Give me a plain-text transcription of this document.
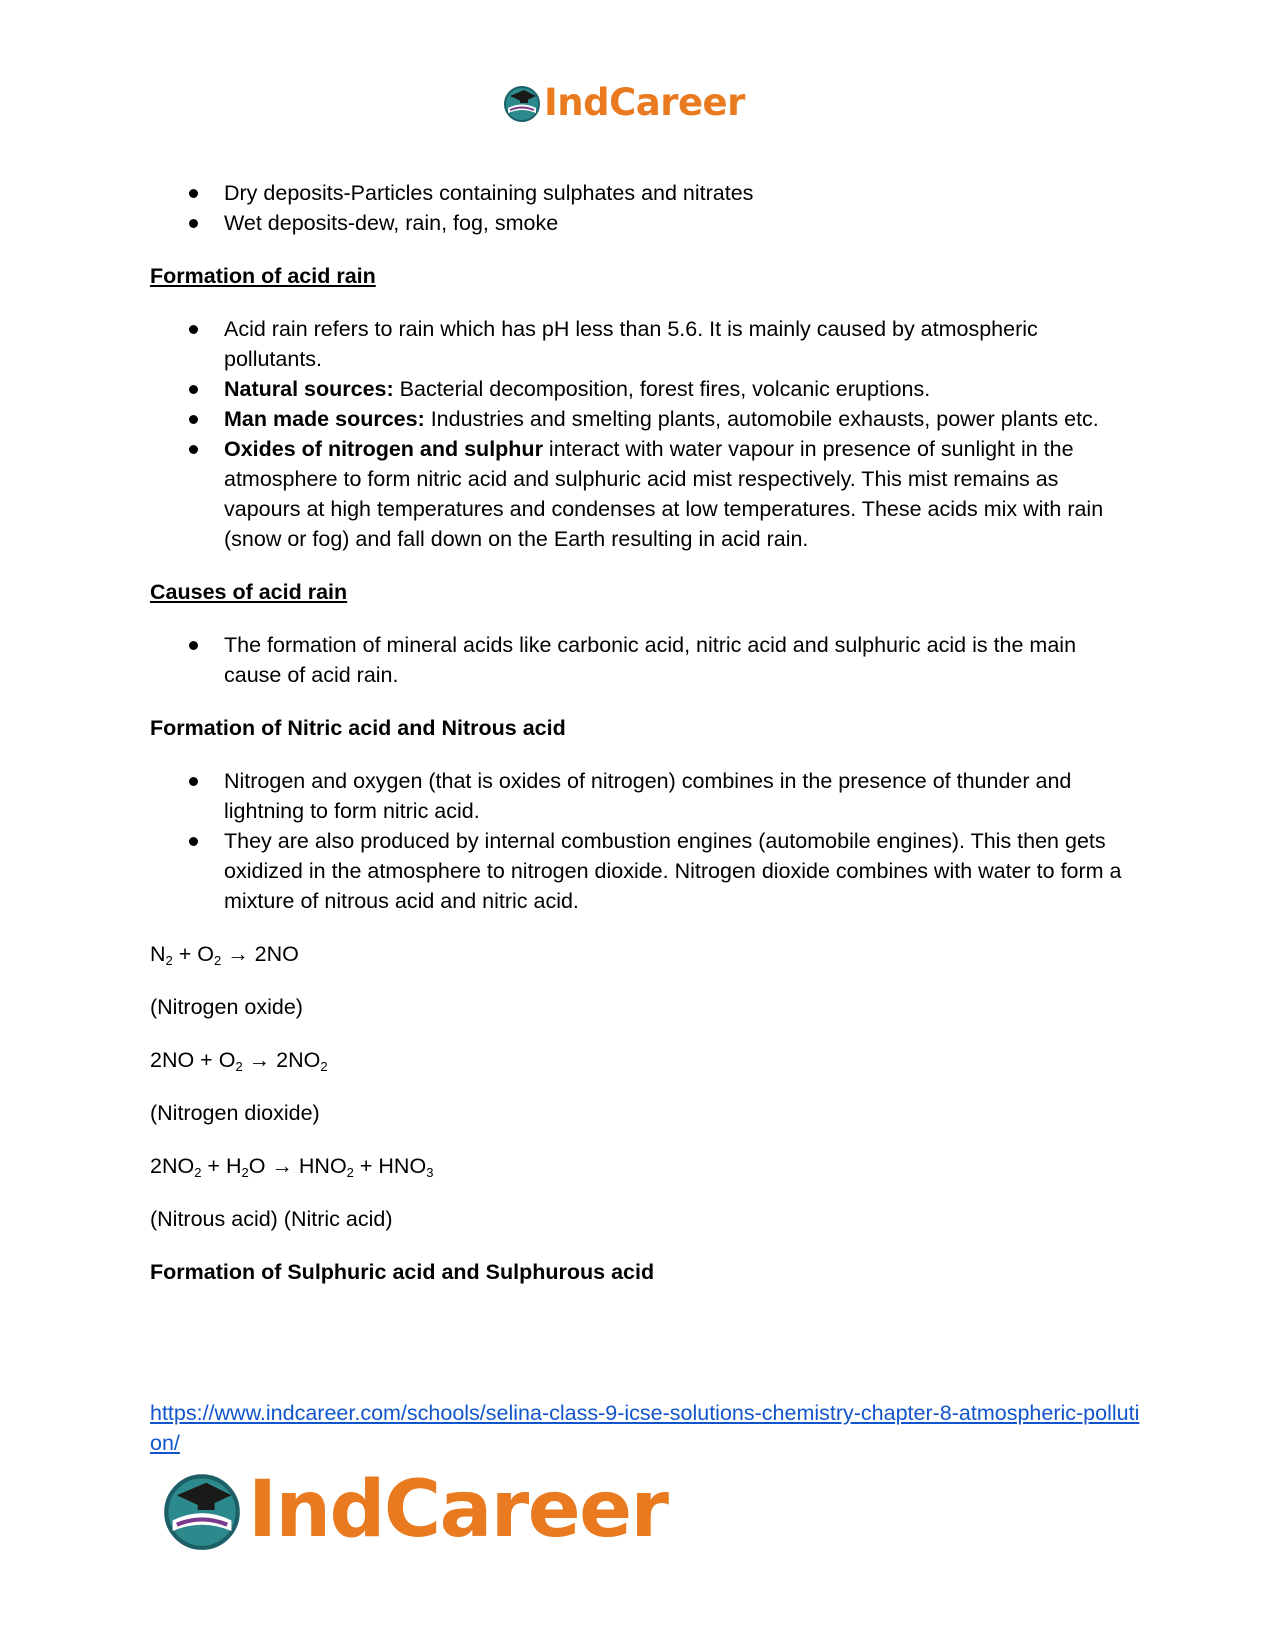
IndCareer
Dry deposits-Particles containing sulphates and nitrates
Wet deposits-dew, rain, fog, smoke
Formation of acid rain
Acid rain refers to rain which has pH less than 5.6. It is mainly caused by atmospheric pollutants.
Natural sources: Bacterial decomposition, forest fires, volcanic eruptions.
Man made sources: Industries and smelting plants, automobile exhausts, power plants etc.
Oxides of nitrogen and sulphur interact with water vapour in presence of sunlight in the atmosphere to form nitric acid and sulphuric acid mist respectively. This mist remains as vapours at high temperatures and condenses at low temperatures. These acids mix with rain (snow or fog) and fall down on the Earth resulting in acid rain.
Causes of acid rain
The formation of mineral acids like carbonic acid, nitric acid and sulphuric acid is the main cause of acid rain.
Formation of Nitric acid and Nitrous acid
Nitrogen and oxygen (that is oxides of nitrogen) combines in the presence of thunder and lightning to form nitric acid.
They are also produced by internal combustion engines (automobile engines). This then gets oxidized in the atmosphere to nitrogen dioxide. Nitrogen dioxide combines with water to form a mixture of nitrous acid and nitric acid.
$N_2 + O_2 \to 2NO$
(Nitrogen oxide)
$2NO + O_2 \to 2NO_2$
(Nitrogen dioxide)
$2NO_2 + H_2O \to HNO_2 + HNO_3$
(Nitrous acid) (Nitric acid)
Formation of Sulphuric acid and Sulphurous acid
https://www.indcareer.com/schools/selina-class-9-icse-solutions-chemistry-chapter-8-atmospheric-pollution/
IndCareer
